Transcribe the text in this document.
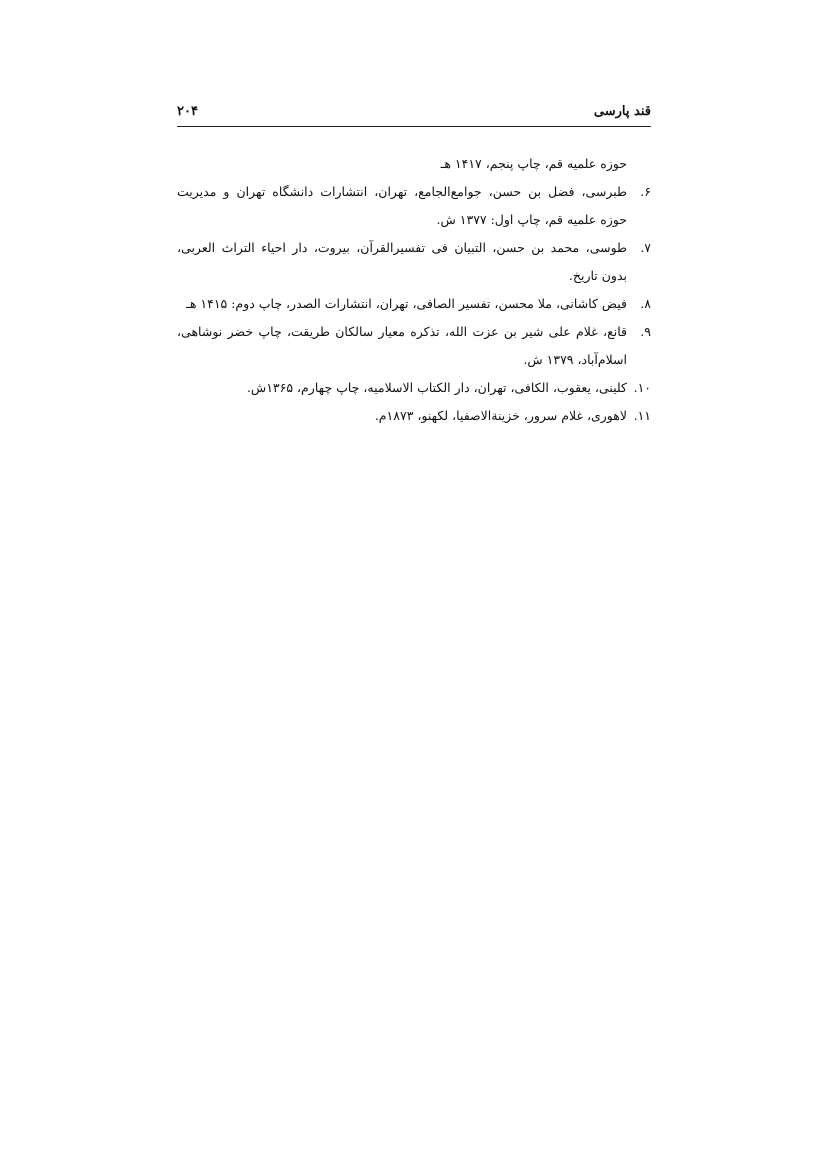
قند پارسی
۲۰۴
حوزه علمیه قم، چاپ پنجم، ۱۴۱۷ هـ
۶.
طبرسی، فضل بن حسن، جوامع‌الجامع، تهران، انتشارات دانشگاه تهران و مدیریت حوزه علمیه قم، چاپ اول: ۱۳۷۷ ش.
۷.
طوسی، محمد بن حسن، التبیان فی تفسیرالقرآن، بیروت، دار احیاء التراث العربی، بدون تاریخ.
۸.
فیض کاشانی، ملا محسن، تفسیر الصافی، تهران، انتشارات الصدر، چاپ دوم: ۱۴۱۵ هـ
۹.
قانع، غلام علی شیر بن عزت الله، تذکره معیار سالکان طریقت، چاپ خضر نوشاهی، اسلام‌آباد، ۱۳۷۹ ش.
۱۰.
کلینی، یعقوب، الکافی، تهران، دار الکتاب الاسلامیه، چاپ چهارم، ۱۳۶۵ش.
۱۱.
لاهوری، غلام سرور، خزینةالاصفیا، لکهنو، ۱۸۷۳م.
